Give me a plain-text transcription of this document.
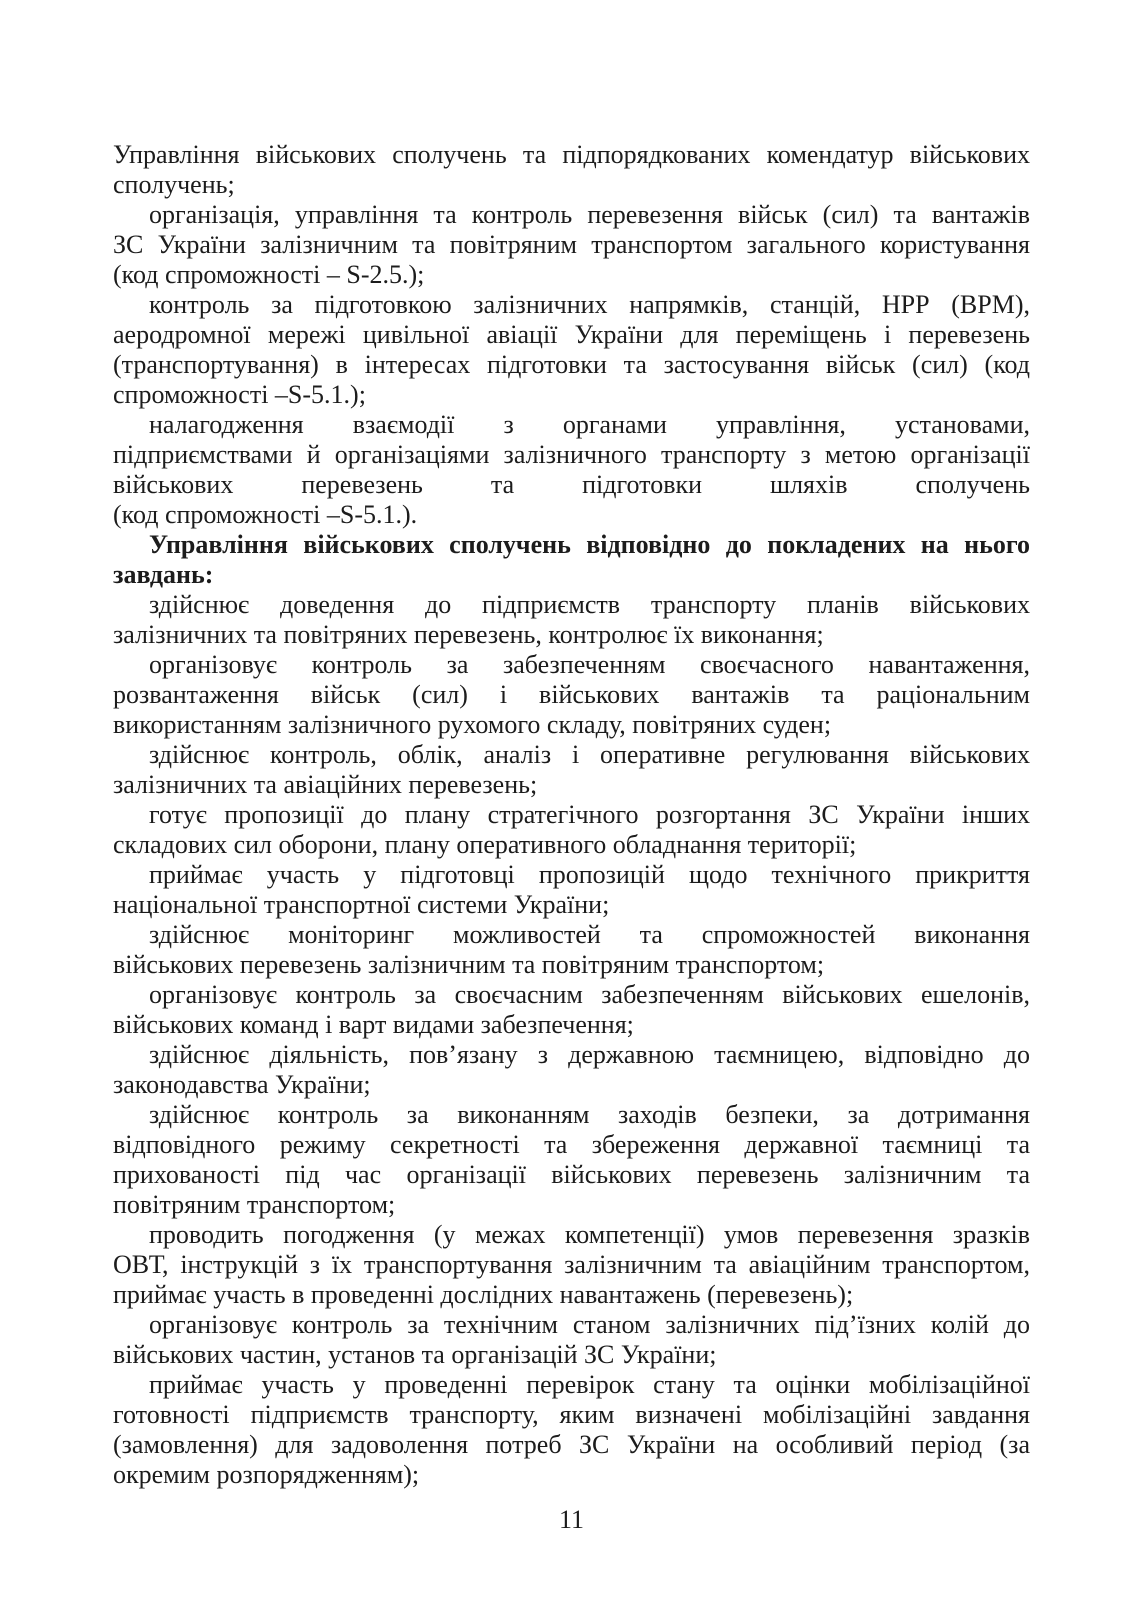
Управління військових сполучень та підпорядкованих комендатур військових
сполучень;
організація, управління та контроль перевезення військ (сил) та вантажів
ЗС України залізничним та повітряним транспортом загального користування
(код спроможності – S-2.5.);
контроль за підготовкою залізничних напрямків, станцій, НРР (ВРМ),
аеродромної мережі цивільної авіації України для переміщень і перевезень
(транспортування) в інтересах підготовки та застосування військ (сил) (код
спроможності –S-5.1.);
налагодження взаємодії з органами управління, установами,
підприємствами й організаціями залізничного транспорту з метою організації
військових перевезень та підготовки шляхів сполучень
(код спроможності –S-5.1.).
Управління військових сполучень відповідно до покладених на нього
завдань:
здійснює доведення до підприємств транспорту планів військових
залізничних та повітряних перевезень, контролює їх виконання;
організовує контроль за забезпеченням своєчасного навантаження,
розвантаження військ (сил) і військових вантажів та раціональним
використанням залізничного рухомого складу, повітряних суден;
здійснює контроль, облік, аналіз і оперативне регулювання військових
залізничних та авіаційних перевезень;
готує пропозиції до плану стратегічного розгортання ЗС України інших
складових сил оборони, плану оперативного обладнання території;
приймає участь у підготовці пропозицій щодо технічного прикриття
національної транспортної системи України;
здійснює моніторинг можливостей та спроможностей виконання
військових перевезень залізничним та повітряним транспортом;
організовує контроль за своєчасним забезпеченням військових ешелонів,
військових команд і варт видами забезпечення;
здійснює діяльність, пов’язану з державною таємницею, відповідно до
законодавства України;
здійснює контроль за виконанням заходів безпеки, за дотримання
відповідного режиму секретності та збереження державної таємниці та
прихованості під час організації військових перевезень залізничним та
повітряним транспортом;
проводить погодження (у межах компетенції) умов перевезення зразків
ОВТ, інструкцій з їх транспортування залізничним та авіаційним транспортом,
приймає участь в проведенні дослідних навантажень (перевезень);
організовує контроль за технічним станом залізничних під’їзних колій до
військових частин, установ та організацій ЗС України;
приймає участь у проведенні перевірок стану та оцінки мобілізаційної
готовності підприємств транспорту, яким визначені мобілізаційні завдання
(замовлення) для задоволення потреб ЗС України на особливий період (за
окремим розпорядженням);
11
